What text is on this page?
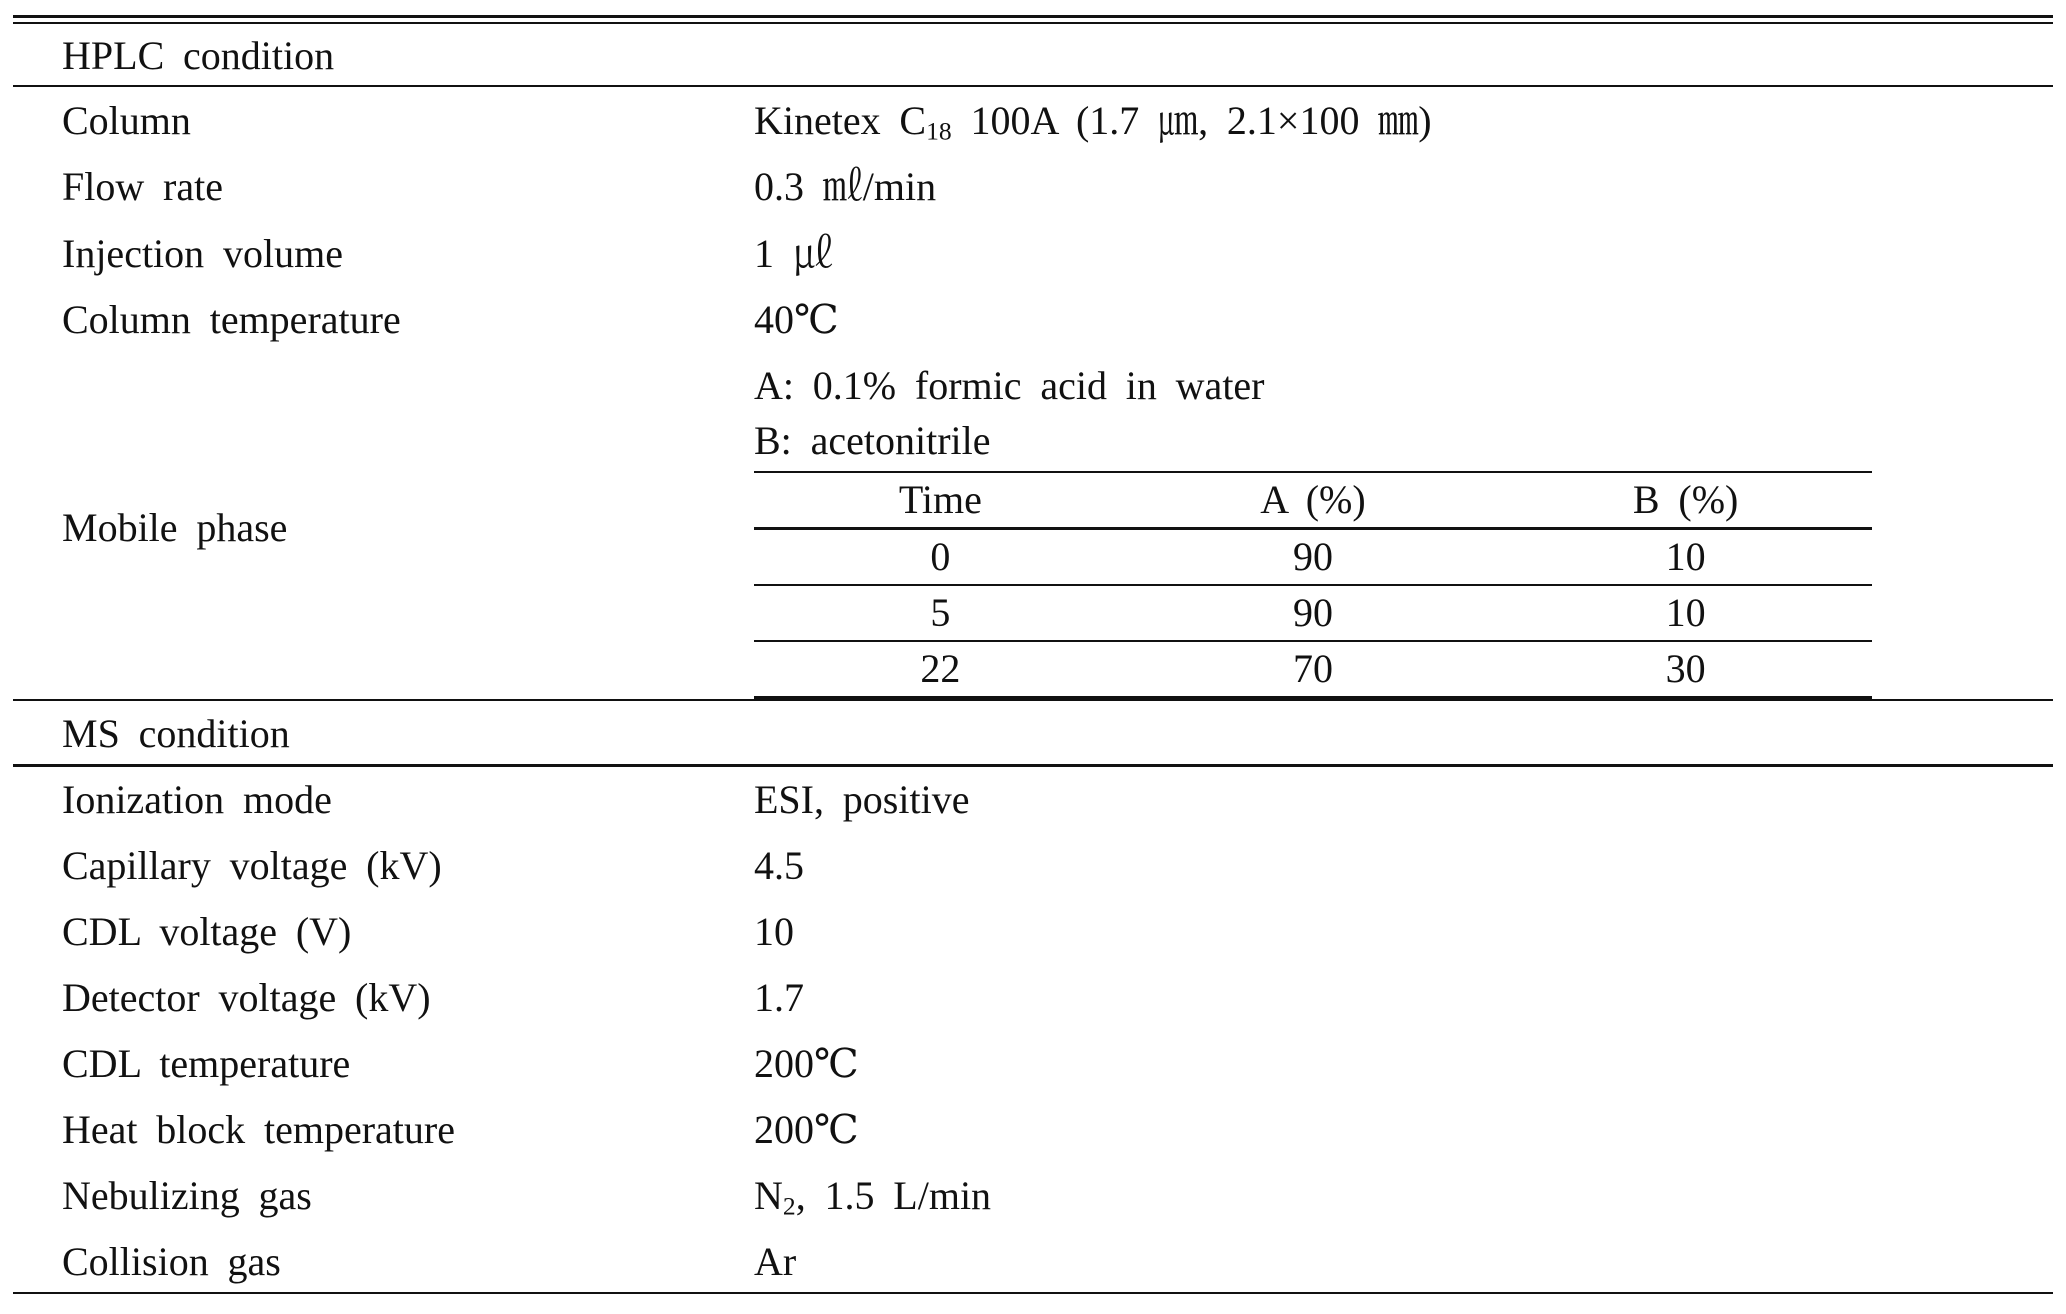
HPLC condition
Column	Kinetex $C_{18}$ 100A (1.7 ㎛, 2.1×100 ㎜)
Flow rate	0.3 ㎖/min
Injection volume	1 ㎕
Column temperature	40℃
Mobile phase
A: 0.1% formic acid in water
B: acetonitrile
Time	A (%)	B (%)
0	90	10
5	90	10
22	70	30
MS condition
Ionization mode	ESI, positive
Capillary voltage (kV)	4.5
CDL voltage (V)	10
Detector voltage (kV)	1.7
CDL temperature	200℃
Heat block temperature	200℃
Nebulizing gas	$N_2$, 1.5 L/min
Collision gas	Ar
